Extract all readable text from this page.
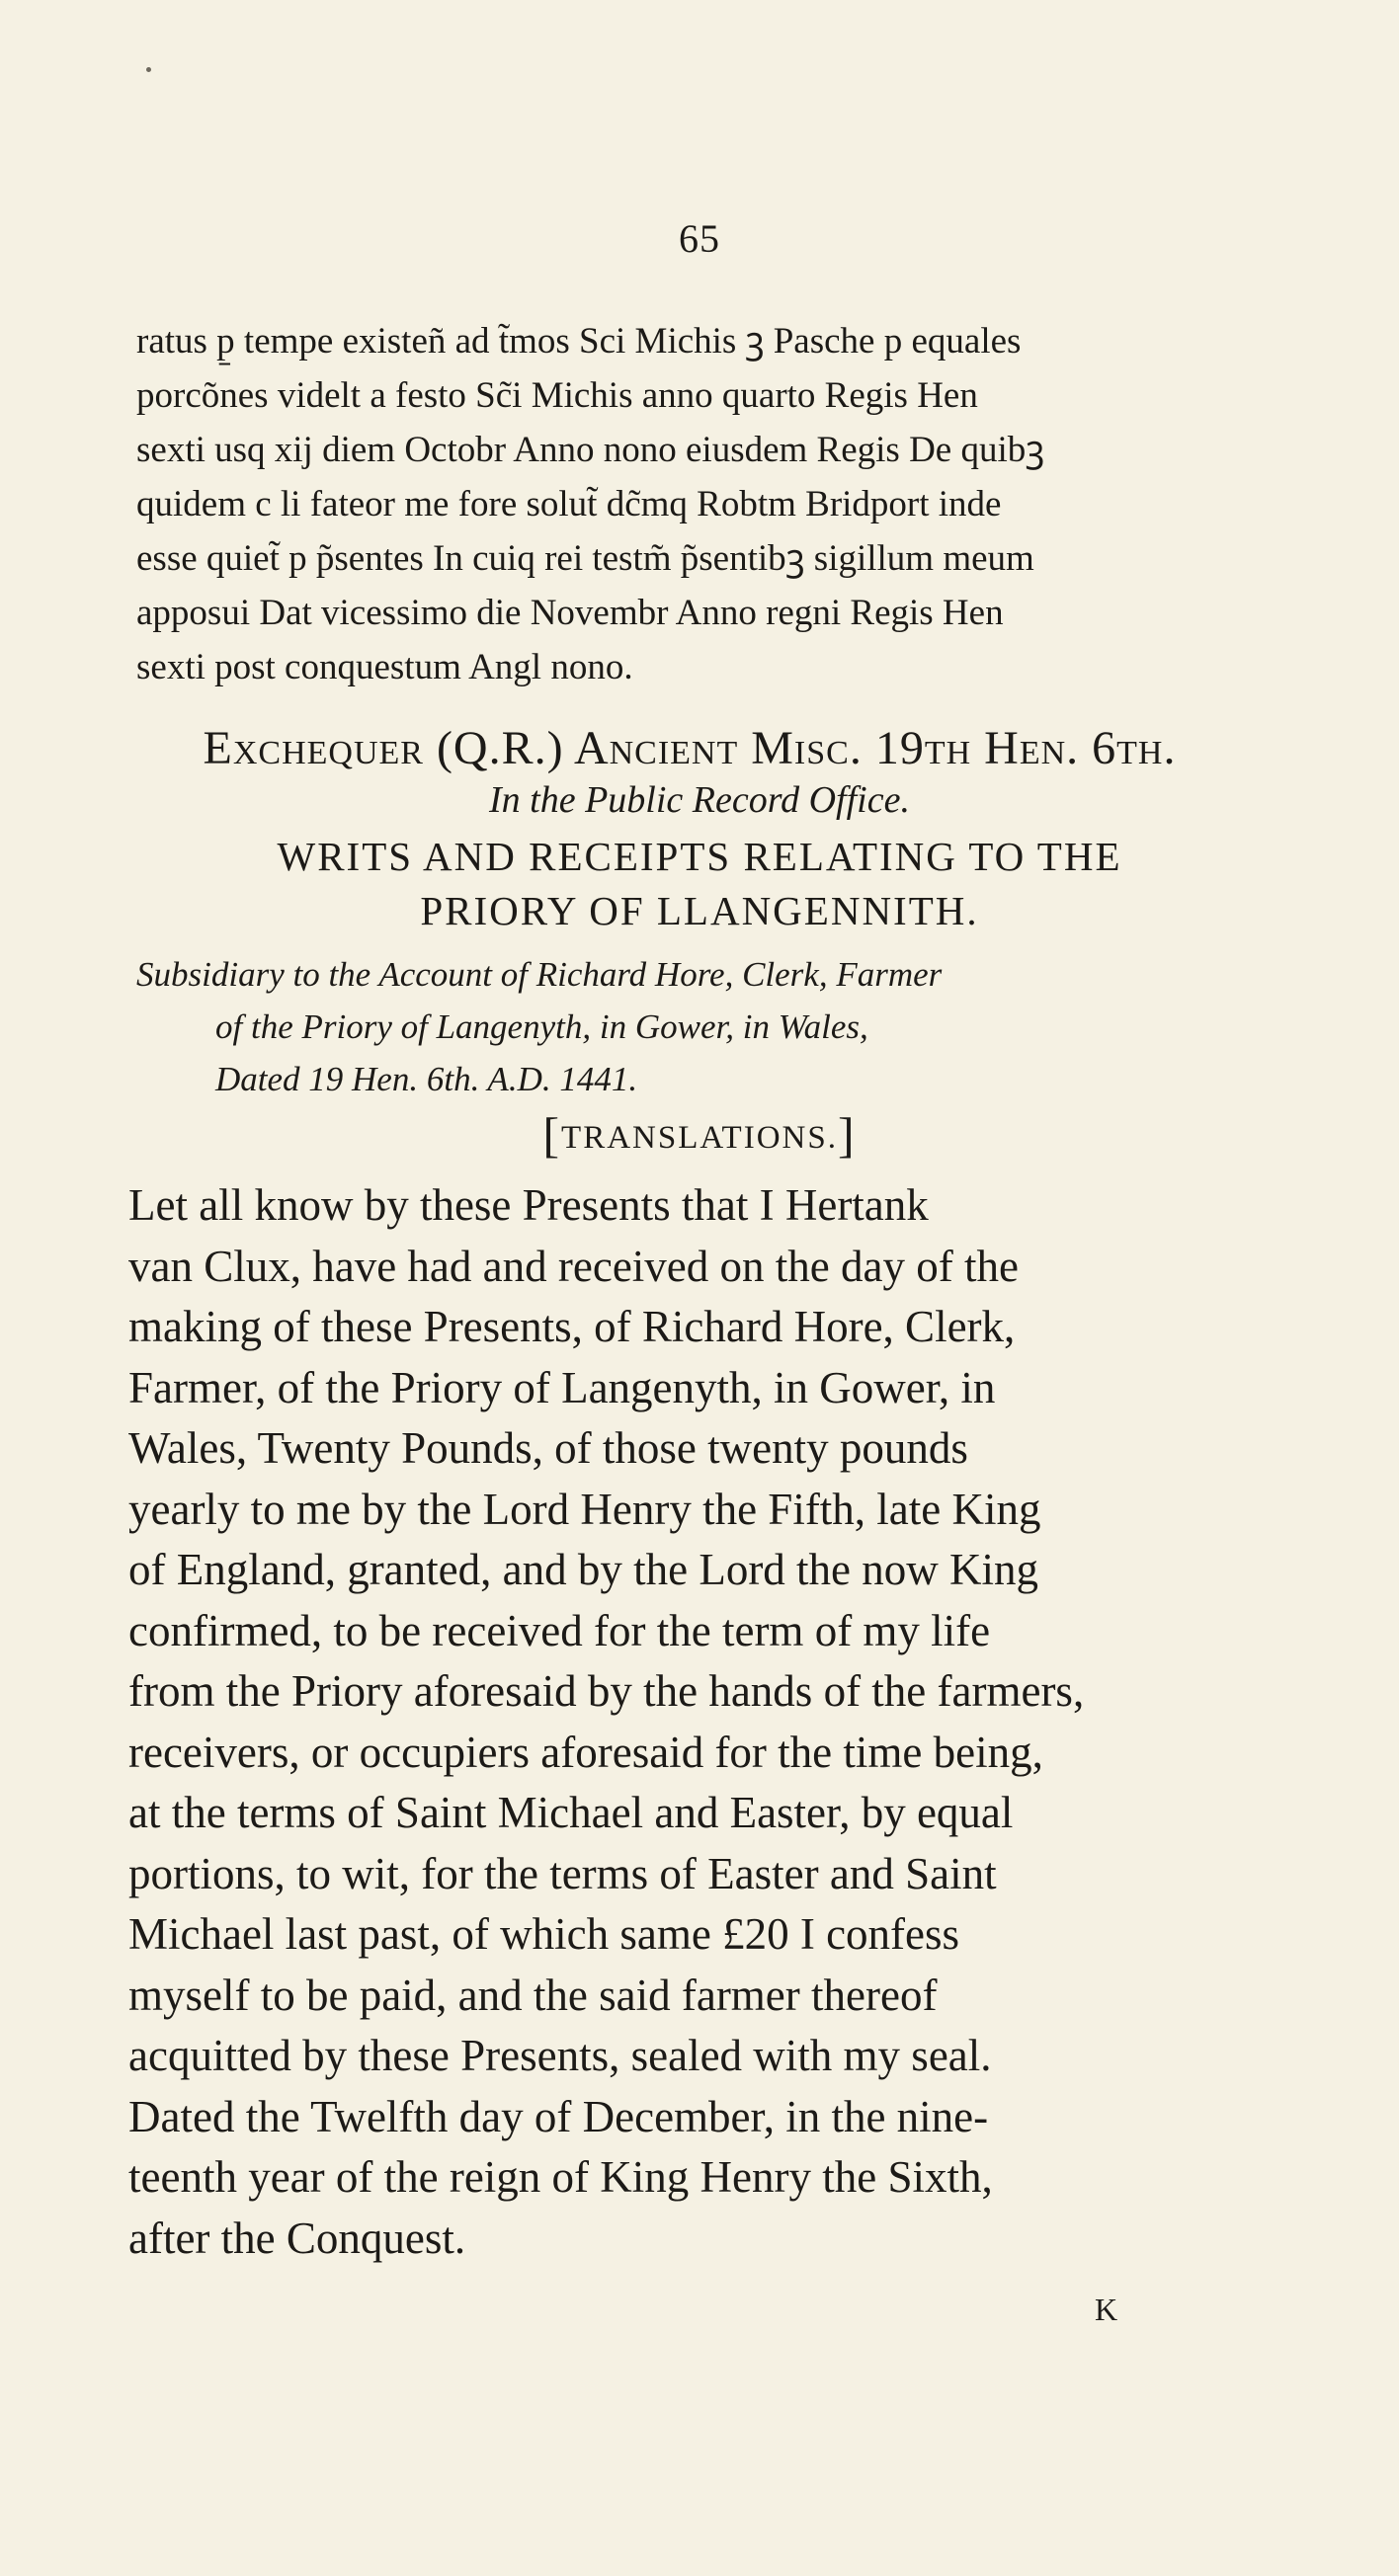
65
ratus p̱ tempe existeñ ad t̃mos Sci Michis ꝫ Pasche p equales
porcõnes videlt a festo Sc̃i Michis anno quarto Regis Hen
sexti usq xij diem Octobr Anno nono eiusdem Regis De quibꝫ
quidem c li fateor me fore solut̃ dc̃mq Robtm Bridport inde
esse quiet̃ p p̃sentes In cuiq rei testm̃ p̃sentibꝫ sigillum meum
apposui Dat vicessimo die Novembr Anno regni Regis Hen
sexti post conquestum Angl nono.
Exchequer (Q.R.) Ancient Misc. 19th Hen. 6th.
In the Public Record Office.
WRITS AND RECEIPTS RELATING TO THE
PRIORY OF LLANGENNITH.
Subsidiary to the Account of Richard Hore, Clerk, Farmer
of the Priory of Langenyth, in Gower, in Wales,
Dated 19 Hen. 6th. A.D. 1441.
[TRANSLATIONS.]
Let all know by these Presents that I Hertank
van Clux, have had and received on the day of the
making of these Presents, of Richard Hore, Clerk,
Farmer, of the Priory of Langenyth, in Gower, in
Wales, Twenty Pounds, of those twenty pounds
yearly to me by the Lord Henry the Fifth, late King
of England, granted, and by the Lord the now King
confirmed, to be received for the term of my life
from the Priory aforesaid by the hands of the farmers,
receivers, or occupiers aforesaid for the time being,
at the terms of Saint Michael and Easter, by equal
portions, to wit, for the terms of Easter and Saint
Michael last past, of which same £20 I confess
myself to be paid, and the said farmer thereof
acquitted by these Presents, sealed with my seal.
Dated the Twelfth day of December, in the nine-
teenth year of the reign of King Henry the Sixth,
after the Conquest.
K
